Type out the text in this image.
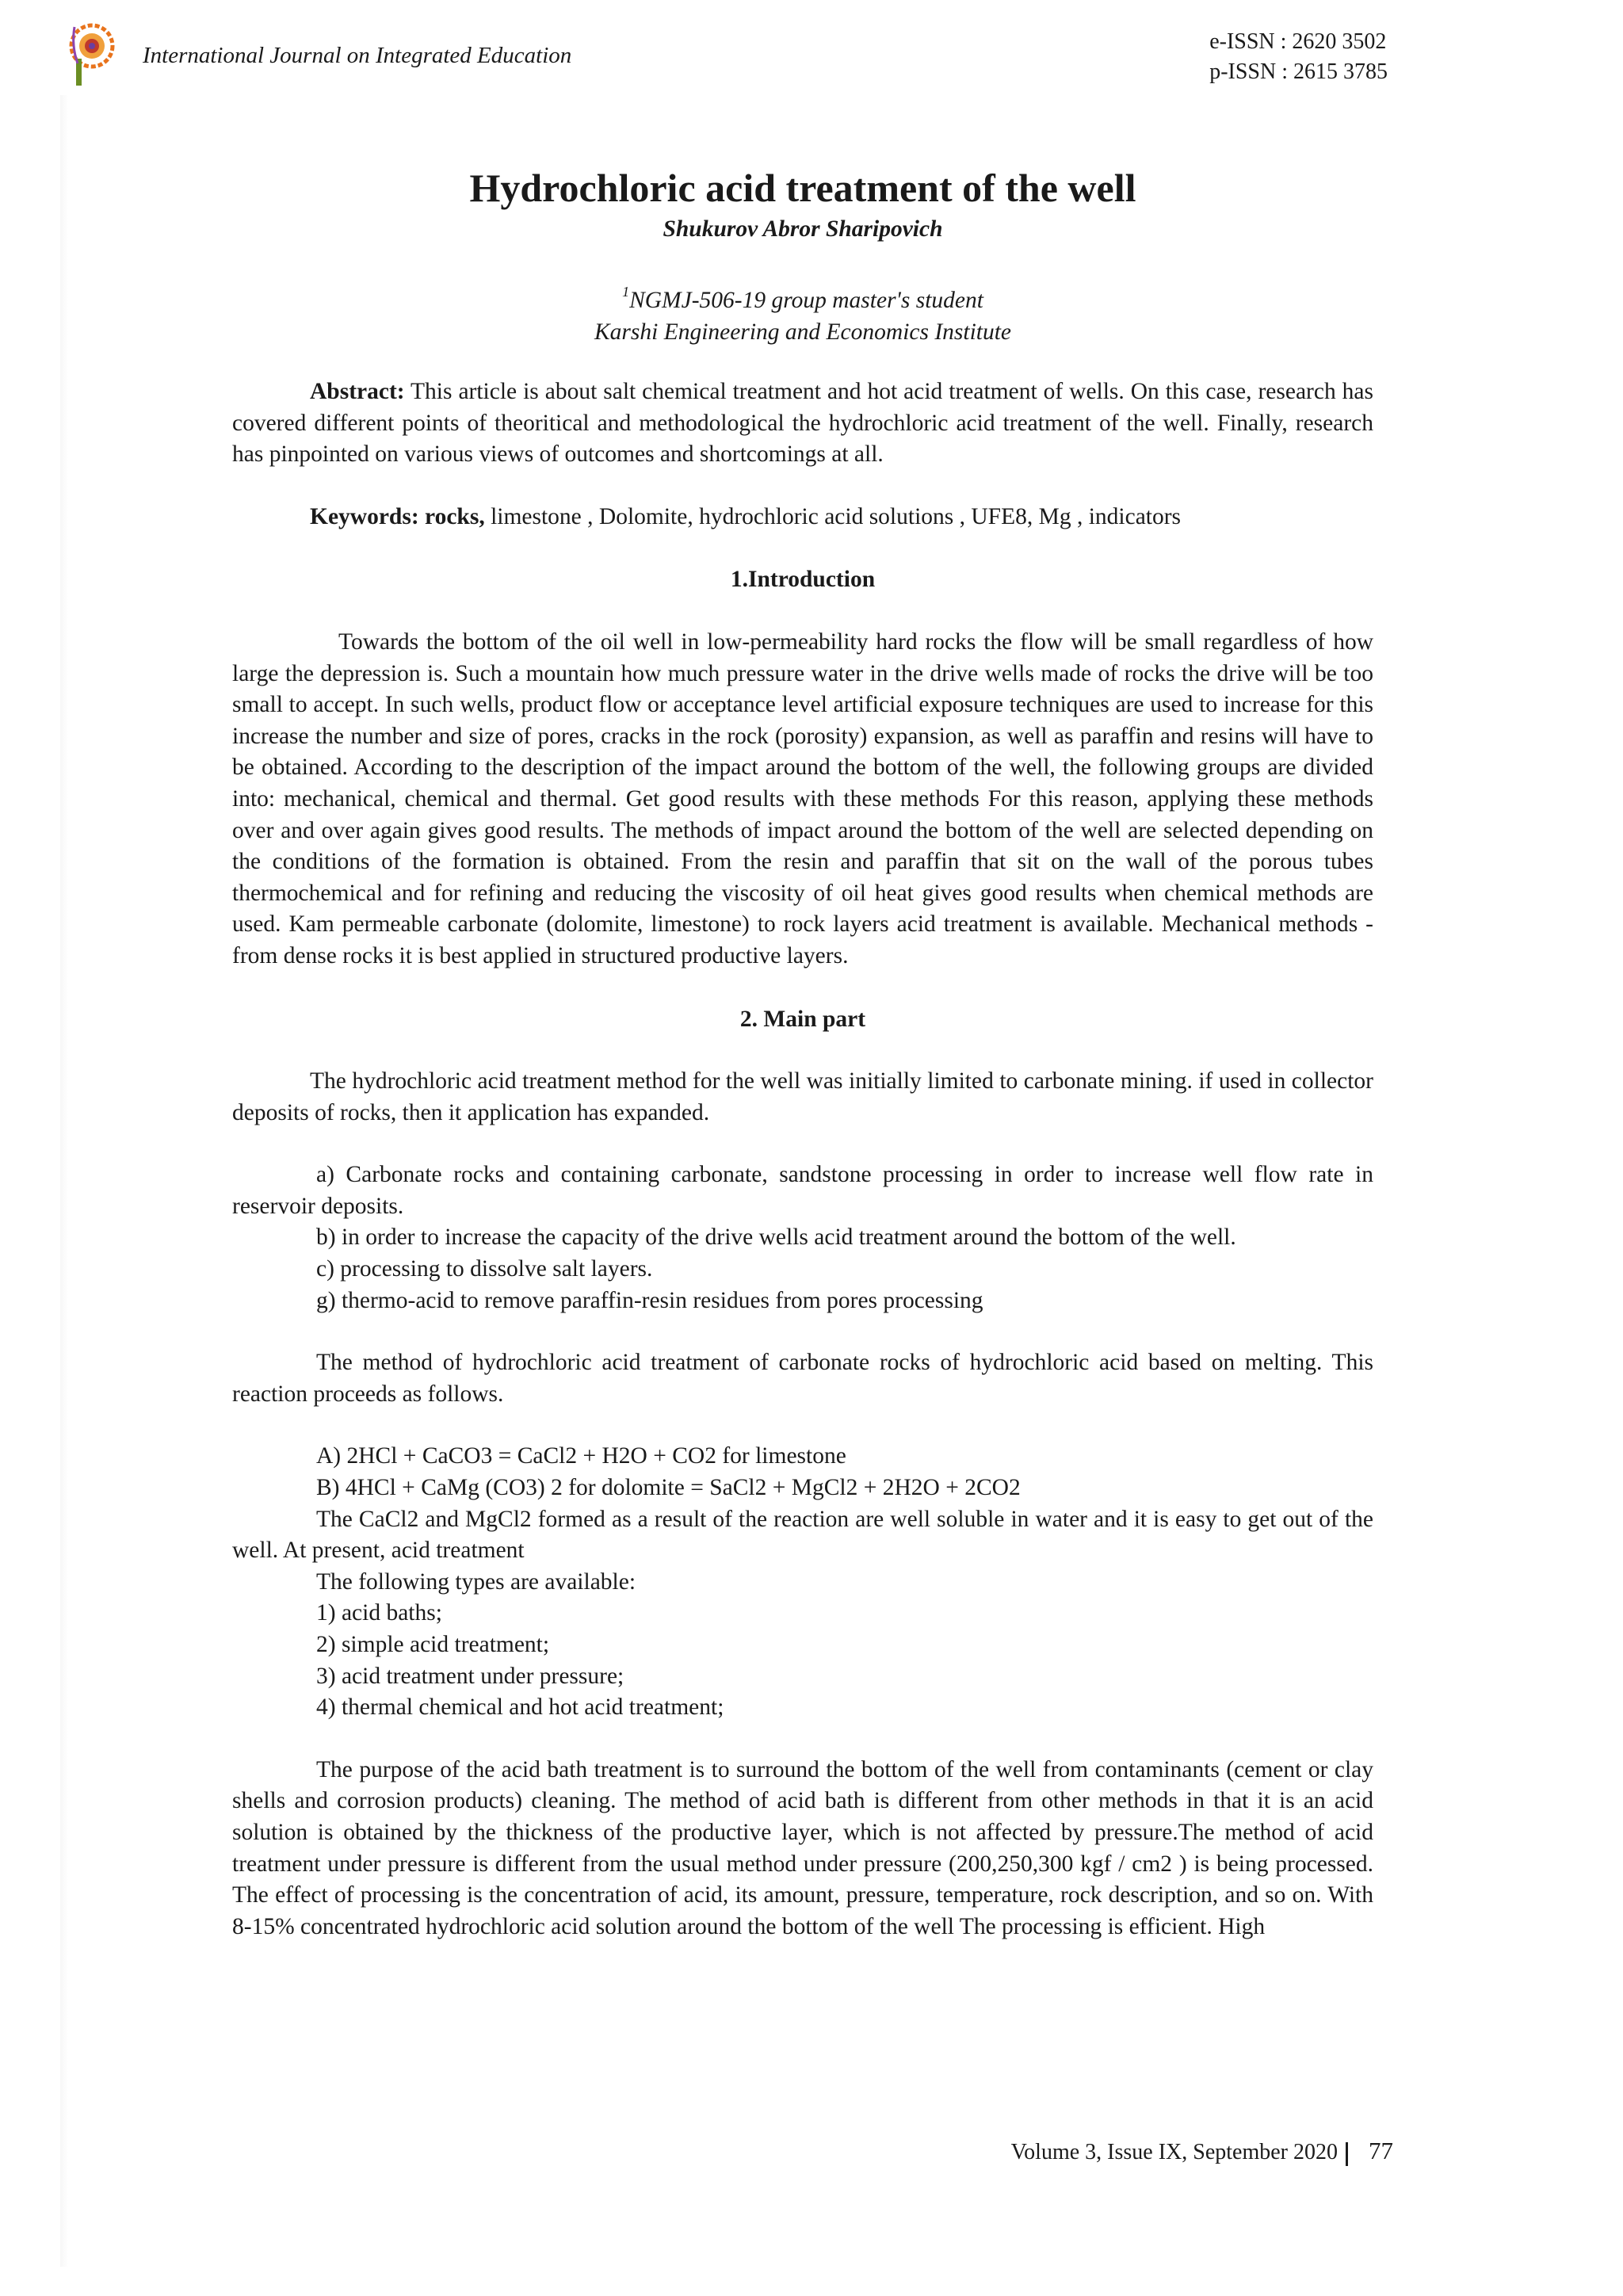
International Journal on Integrated Education
e-ISSN : 2620 3502
p-ISSN : 2615 3785
Hydrochloric acid treatment of the well
Shukurov Abror Sharipovich
$^1$NGMJ-506-19 group master's student
Karshi Engineering and Economics Institute

Abstract: This article is about salt chemical treatment and hot acid treatment of wells. On this case, research has covered different points of theoritical and methodological the hydrochloric acid treatment of the well. Finally, research has pinpointed on various views of outcomes and shortcomings at all.

Keywords: rocks, limestone , Dolomite, hydrochloric acid solutions , UFE8, Mg , indicators
1.Introduction

Towards the bottom of the oil well in low-permeability hard rocks the flow will be small regardless of how large the depression is. Such a mountain how much pressure water in the drive wells made of rocks the drive will be too small to accept. In such wells, product flow or acceptance level artificial exposure techniques are used to increase for this increase the number and size of pores, cracks in the rock (porosity) expansion, as well as paraffin and resins will have to be obtained. According to the description of the impact around the bottom of the well, the following groups are divided into: mechanical, chemical and thermal. Get good results with these methods For this reason, applying these methods over and over again gives good results. The methods of impact around the bottom of the well are selected depending on the conditions of the formation is obtained. From the resin and paraffin that sit on the wall of the porous tubes thermochemical and for refining and reducing the viscosity of oil heat gives good results when chemical methods are used. Kam permeable carbonate (dolomite, limestone) to rock layers acid treatment is available. Mechanical methods - from dense rocks it is best applied in structured productive layers.

2. Main part

The hydrochloric acid treatment method for the well was initially limited to carbonate mining. if used in collector deposits of rocks, then it application has expanded.

a) Carbonate rocks and containing carbonate, sandstone processing in order to increase well flow rate in reservoir deposits.

b) in order to increase the capacity of the drive wells acid treatment around the bottom of the well.

c) processing to dissolve salt layers.
g) thermo-acid to remove paraffin-resin residues from pores processing

The method of hydrochloric acid treatment of carbonate rocks of hydrochloric acid based on melting. This reaction proceeds as follows.

A) 2HCl + CaCO3 = CaCl2 + H2O + CO2 for limestone
B) 4HCl + CaMg (CO3) 2 for dolomite = SaCl2 + MgCl2 + 2H2O + 2CO2

The CaCl2 and MgCl2 formed as a result of the reaction are well soluble in water and it is easy to get out of the well. At present, acid treatment

The following types are available:
1) acid baths;
2) simple acid treatment;
3) acid treatment under pressure;
4) thermal chemical and hot acid treatment;

The purpose of the acid bath treatment is to surround the bottom of the well from contaminants (cement or clay shells and corrosion products) cleaning. The method of acid bath is different from other methods in that it is an acid solution is obtained by the thickness of the productive layer, which is not affected by pressure.The method of acid treatment under pressure is different from the usual method under pressure (200,250,300 kgf / cm2 ) is being processed. The effect of processing is the concentration of acid, its amount, pressure, temperature, rock description, and so on. With 8-15% concentrated hydrochloric acid solution around the bottom of the well The processing is efficient. High

Volume 3, Issue IX, September 2020 77
